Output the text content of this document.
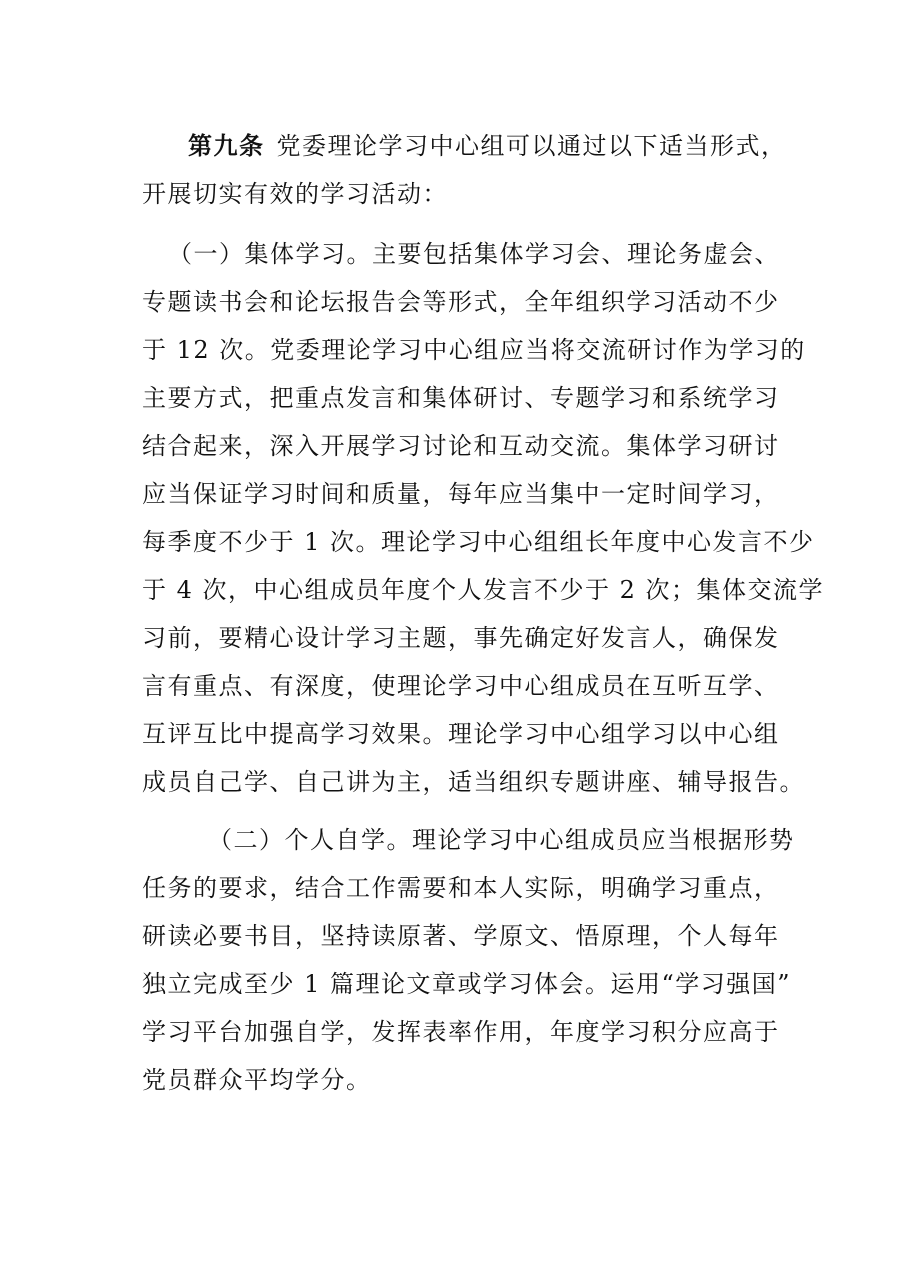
第九条 党委理论学习中心组可以通过以下适当形式，
开展切实有效的学习活动：
（一）集体学习。主要包括集体学习会、理论务虚会、
专题读书会和论坛报告会等形式，全年组织学习活动不少
于 12 次。党委理论学习中心组应当将交流研讨作为学习的
主要方式，把重点发言和集体研讨、专题学习和系统学习
结合起来，深入开展学习讨论和互动交流。集体学习研讨
应当保证学习时间和质量，每年应当集中一定时间学习，
每季度不少于 1 次。理论学习中心组组长年度中心发言不少
于 4 次，中心组成员年度个人发言不少于 2 次；集体交流学
习前，要精心设计学习主题，事先确定好发言人，确保发
言有重点、有深度，使理论学习中心组成员在互听互学、
互评互比中提高学习效果。理论学习中心组学习以中心组
成员自己学、自己讲为主，适当组织专题讲座、辅导报告。
（二）个人自学。理论学习中心组成员应当根据形势
任务的要求，结合工作需要和本人实际，明确学习重点，
研读必要书目，坚持读原著、学原文、悟原理，个人每年
独立完成至少 1 篇理论文章或学习体会。运用“学习强国”
学习平台加强自学，发挥表率作用，年度学习积分应高于
党员群众平均学分。
